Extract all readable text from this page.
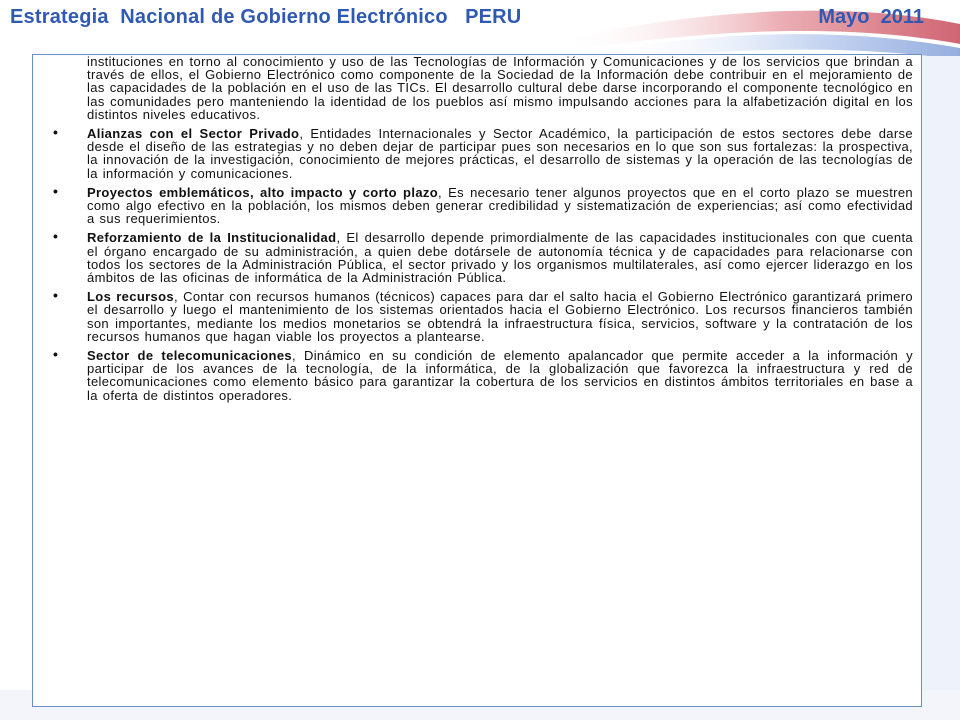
Estrategia  Nacional de Gobierno Electrónico   PERU	Mayo  2011

instituciones en torno al conocimiento y uso de las Tecnologías de Información y Comunicaciones y de los servicios que brindan a través de ellos, el Gobierno Electrónico como componente de la Sociedad de la Información debe contribuir en el mejoramiento de las capacidades de la población en el uso de las TICs. El desarrollo cultural debe darse incorporando el componente tecnológico en las comunidades pero manteniendo la identidad de los pueblos así mismo impulsando acciones para la alfabetización digital en los distintos niveles educativos.

• Alianzas con el Sector Privado, Entidades Internacionales y Sector Académico, la participación de estos sectores debe darse desde el diseño de las estrategias y no deben dejar de participar pues son necesarios en lo que son sus fortalezas: la prospectiva, la innovación de la investigación, conocimiento de mejores prácticas, el desarrollo de sistemas y la operación de las tecnologías de la información y comunicaciones.

• Proyectos emblemáticos, alto impacto y corto plazo, Es necesario tener algunos proyectos que en el corto plazo se muestren como algo efectivo en la población, los mismos deben generar credibilidad y sistematización de experiencias; así como efectividad a sus requerimientos.

• Reforzamiento de la Institucionalidad, El desarrollo depende primordialmente de las capacidades institucionales con que cuenta el órgano encargado de su administración, a quien debe dotársele de autonomía técnica y de capacidades para relacionarse con todos los sectores de la Administración Pública, el sector privado y los organismos multilaterales, así como ejercer liderazgo en los ámbitos de las oficinas de informática de la Administración Pública.

• Los recursos, Contar con recursos humanos (técnicos) capaces para dar el salto hacia el Gobierno Electrónico garantizará primero el desarrollo y luego el mantenimiento de los sistemas orientados hacia el Gobierno Electrónico. Los recursos financieros también son importantes, mediante los medios monetarios se obtendrá la infraestructura física, servicios, software y la contratación de los recursos humanos que hagan viable los proyectos a plantearse.

• Sector de telecomunicaciones, Dinámico en su condición de elemento apalancador que permite acceder a la información y participar de los avances de la tecnología, de la informática, de la globalización que favorezca la infraestructura y red de telecomunicaciones como elemento básico para garantizar la cobertura de los servicios en distintos ámbitos territoriales en base a la oferta de distintos operadores.
